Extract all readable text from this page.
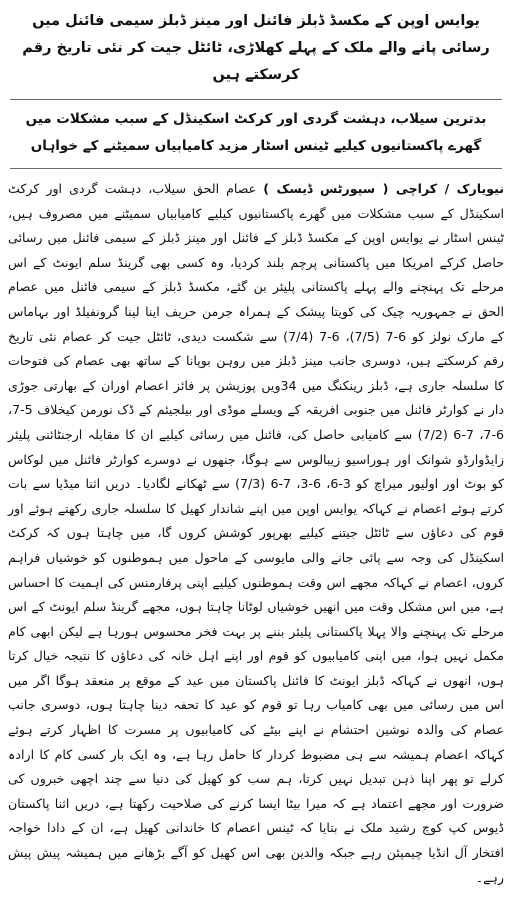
یوایس اوپن کے مکسڈ ڈبلز فائنل اور مینز ڈبلز سیمی فائنل میں رسائی پانے والے ملک کے پہلے کھلاڑی، ٹائٹل جیت کر نئی تاریخ رقم کرسکتے ہیں
بدترین سیلاب، دہشت گردی اور کرکٹ اسکینڈل کے سبب مشکلات میں گھرے پاکستانیوں کیلیے ٹینس اسٹار مزید کامیابیاں سمیٹنے کے خواہاں

نیویارک / کراچی ( سپورٹس ڈیسک ) عصام الحق سیلاب، دہشت گردی اور کرکٹ اسکینڈل کے سبب مشکلات میں گھرے پاکستانیوں کیلیے کامیابیاں سمیٹنے میں مصروف ہیں، ٹینس اسٹار نے یوایس اوپن کے مکسڈ ڈبلز کے فائنل اور مینز ڈبلز کے سیمی فائنل میں رسائی حاصل کرکے امریکا میں پاکستانی پرچم بلند کردیا، وہ کسی بھی گرینڈ سلم ایونٹ کے اس مرحلے تک پہنچنے والے پہلے پاکستانی پلیئر بن گئے، مکسڈ ڈبلز کے سیمی فائنل میں عصام الحق نے جمہوریہ چیک کی کویتا پیشک کے ہمراہ جرمن حریف اینا لینا گرونفیلڈ اور بہاماس کے مارک نولز کو 6-7 (7/5)، 6-7 (7/4) سے شکست دیدی، ٹائٹل جیت کر عصام نئی تاریخ رقم کرسکتے ہیں، دوسری جانب مینز ڈبلز میں روہن بوپانا کے ساتھ بھی عصام کی فتوحات کا سلسلہ جاری ہے، ڈبلز رینکنگ میں 34ویں پوزیشن پر فائز اعصام اوران کے بھارتی جوڑی دار نے کوارٹر فائنل میں جنوبی افریقہ کے ویسلے موڈی اور بیلجیئم کے ڈک نورمن کیخلاف 5-7، 6-7، 7-6 (7/2) سے کامیابی حاصل کی، فائنل میں رسائی کیلیے ان کا مقابلہ ارجنٹائنی پلیئر زایڈوارڈو شوانک اور ہوراسیو زیبالوس سے ہوگا، جنھوں نے دوسرے کوارٹر فائنل میں لوکاس کو بوٹ اور اولیور میراچ کو 3-6، 6-3، 7-6 (7/3) سے ٹھکانے لگادیا۔ دریں اثنا میڈیا سے بات کرتے ہوئے اعصام نے کہاکہ یوایس اوپن میں اپنے شاندار کھیل کا سلسلہ جاری رکھتے ہوئے اور قوم کی دعاؤں سے ٹائٹل جیتنے کیلیے بھرپور کوشش کروں گا، میں چاہتا ہوں کہ کرکٹ اسکینڈل کی وجہ سے پائی جانے والی مایوسی کے ماحول میں ہموطنوں کو خوشیاں فراہم کروں، اعصام نے کہاکہ مجھے اس وقت ہموطنوں کیلیے اپنی پرفارمنس کی اہمیت کا احساس ہے، میں اس مشکل وقت میں انھیں خوشیاں لوٹانا چاہتا ہوں، مجھے گرینڈ سلم ایونٹ کے اس مرحلے تک پہنچنے والا پہلا پاکستانی پلیئر بننے پر بہت فخر محسوس ہورہا ہے لیکن ابھی کام مکمل نہیں ہوا، میں اپنی کامیابیوں کو قوم اور اپنے اہل خانہ کی دعاؤں کا نتیجہ خیال کرتا ہوں، انھوں نے کہاکہ ڈبلز ایونٹ کا فائنل پاکستان میں عید کے موقع پر منعقد ہوگا اگر میں اس میں رسائی میں بھی کامیاب رہا تو قوم کو عید کا تحفہ دینا چاہتا ہوں، دوسری جانب عصام کی والدہ نوشین احتشام نے اپنے بیٹے کی کامیابیوں پر مسرت کا اظہار کرتے ہوئے کہاکہ اعصام ہمیشہ سے ہی مضبوط کردار کا حامل رہا ہے، وہ ایک بار کسی کام کا ارادہ کرلے تو پھر اپنا ذہن تبدیل نہیں کرتا، ہم سب کو کھیل کی دنیا سے چند اچھی خبروں کی ضرورت اور مجھے اعتماد ہے کہ میرا بیٹا ایسا کرنے کی صلاحیت رکھتا ہے، دریں اثنا پاکستان ڈیوس کپ کوچ رشید ملک نے بتایا کہ ٹینس اعصام کا خاندانی کھیل ہے، ان کے دادا خواجہ افتخار آل انڈیا چیمپئن رہے جبکہ والدین بھی اس کھیل کو آگے بڑھانے میں ہمیشہ پیش پیش رہے۔
